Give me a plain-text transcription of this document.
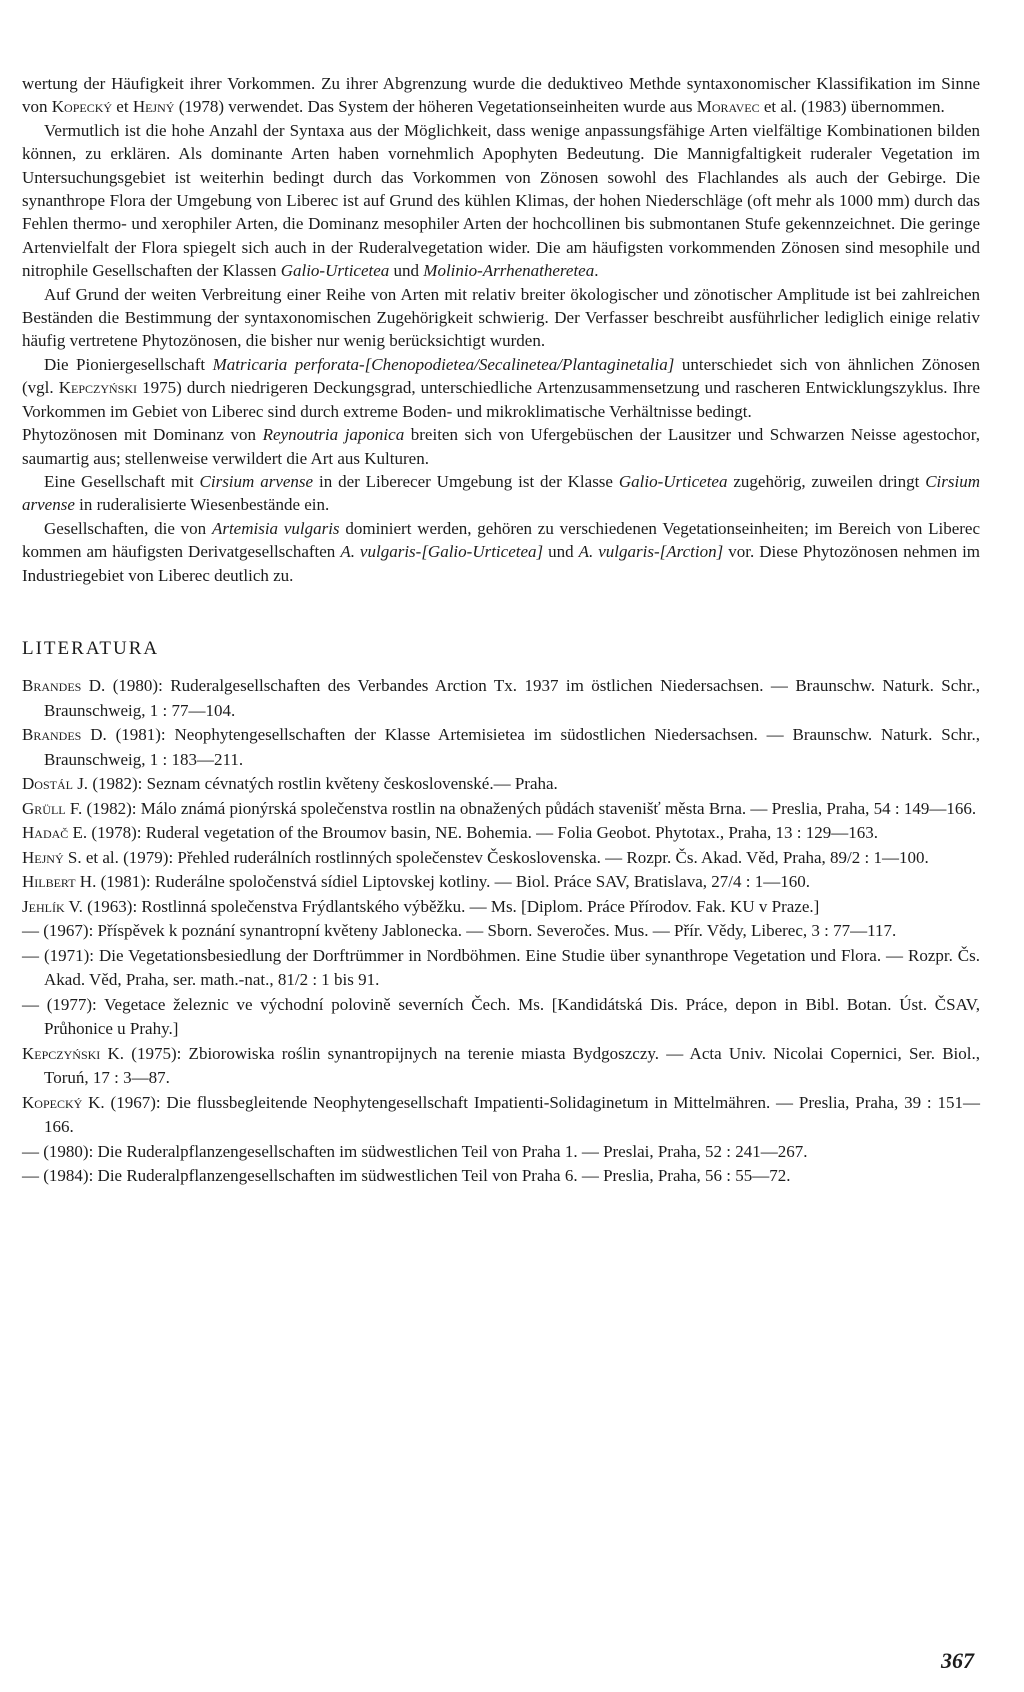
wertung der Häufigkeit ihrer Vorkommen. Zu ihrer Abgrenzung wurde die deduktiveo Methde syntaxonomischer Klassifikation im Sinne von Kopecký et Hejný (1978) verwendet. Das System der höheren Vegetationseinheiten wurde aus Moravec et al. (1983) übernommen.

Vermutlich ist die hohe Anzahl der Syntaxa aus der Möglichkeit, dass wenige anpassungsfähige Arten vielfältige Kombinationen bilden können, zu erklären. Als dominante Arten haben vornehmlich Apophyten Bedeutung. Die Mannigfaltigkeit ruderaler Vegetation im Untersuchungsgebiet ist weiterhin bedingt durch das Vorkommen von Zönosen sowohl des Flachlandes als auch der Gebirge. Die synanthrope Flora der Umgebung von Liberec ist auf Grund des kühlen Klimas, der hohen Niederschläge (oft mehr als 1000 mm) durch das Fehlen thermo- und xerophiler Arten, die Dominanz mesophiler Arten der hochcollinen bis submontanen Stufe gekennzeichnet. Die geringe Artenvielfalt der Flora spiegelt sich auch in der Ruderalvegetation wider. Die am häufigsten vorkommenden Zönosen sind mesophile und nitrophile Gesellschaften der Klassen Galio-Urticetea und Molinio-Arrhenatheretea.

Auf Grund der weiten Verbreitung einer Reihe von Arten mit relativ breiter ökologischer und zönotischer Amplitude ist bei zahlreichen Beständen die Bestimmung der syntaxonomischen Zugehörigkeit schwierig. Der Verfasser beschreibt ausführlicher lediglich einige relativ häufig vertretene Phytozönosen, die bisher nur wenig berücksichtigt wurden.

Die Pioniergesellschaft Matricaria perforata-[Chenopodietea/Secalinetea/Plantaginetalia] unterschiedet sich von ähnlichen Zönosen (vgl. Kepczyński 1975) durch niedrigeren Deckungsgrad, unterschiedliche Artenzusammensetzung und rascheren Entwicklungszyklus. Ihre Vorkommen im Gebiet von Liberec sind durch extreme Boden- und mikroklimatische Verhältnisse bedingt.

Phytozönosen mit Dominanz von Reynoutria japonica breiten sich von Ufergebüschen der Lausitzer und Schwarzen Neisse agestochor, saumartig aus; stellenweise verwildert die Art aus Kulturen.

Eine Gesellschaft mit Cirsium arvense in der Liberecer Umgebung ist der Klasse Galio-Urticetea zugehörig, zuweilen dringt Cirsium arvense in ruderalisierte Wiesenbestände ein.

Gesellschaften, die von Artemisia vulgaris dominiert werden, gehören zu verschiedenen Vegetationseinheiten; im Bereich von Liberec kommen am häufigsten Derivatgesellschaften A. vulgaris-[Galio-Urticetea] und A. vulgaris-[Arction] vor. Diese Phytozönosen nehmen im Industriegebiet von Liberec deutlich zu.

LITERATURA

Brandes D. (1980): Ruderalgesellschaften des Verbandes Arction Tx. 1937 im östlichen Niedersachsen. — Braunschw. Naturk. Schr., Braunschweig, 1 : 77—104.

Brandes D. (1981): Neophytengesellschaften der Klasse Artemisietea im südostlichen Niedersachsen. — Braunschw. Naturk. Schr., Braunschweig, 1 : 183—211.

Dostál J. (1982): Seznam cévnatých rostlin květeny československé.— Praha.

Grüll F. (1982): Málo známá pionýrská společenstva rostlin na obnažených půdách stavenišť města Brna. — Preslia, Praha, 54 : 149—166.

Hadač E. (1978): Ruderal vegetation of the Broumov basin, NE. Bohemia. — Folia Geobot. Phytotax., Praha, 13 : 129—163.

Hejný S. et al. (1979): Přehled ruderálních rostlinných společenstev Československa. — Rozpr. Čs. Akad. Věd, Praha, 89/2 : 1—100.

Hilbert H. (1981): Ruderálne spoločenstvá sídiel Liptovskej kotliny. — Biol. Práce SAV, Bratislava, 27/4 : 1—160.

Jehlík V. (1963): Rostlinná společenstva Frýdlantského výběžku. — Ms. [Diplom. Práce Přírodov. Fak. KU v Praze.]

— (1967): Příspěvek k poznání synantropní květeny Jablonecka. — Sborn. Severočes. Mus. — Přír. Vědy, Liberec, 3 : 77—117.

— (1971): Die Vegetationsbesiedlung der Dorftrümmer in Nordböhmen. Eine Studie über synanthrope Vegetation und Flora. — Rozpr. Čs. Akad. Věd, Praha, ser. math.-nat., 81/2 : 1 bis 91.

— (1977): Vegetace železnic ve východní polovině severních Čech. Ms. [Kandidátská Dis. Práce, depon in Bibl. Botan. Úst. ČSAV, Průhonice u Prahy.]

Kepczyński K. (1975): Zbiorowiska roślin synantropijnych na terenie miasta Bydgoszczy. — Acta Univ. Nicolai Copernici, Ser. Biol., Toruń, 17 : 3—87.

Kopecký K. (1967): Die flussbegleitende Neophytengesellschaft Impatienti-Solidaginetum in Mittelmähren. — Preslia, Praha, 39 : 151—166.

— (1980): Die Ruderalpflanzengesellschaften im südwestlichen Teil von Praha 1. — Preslai, Praha, 52 : 241—267.

— (1984): Die Ruderalpflanzengesellschaften im südwestlichen Teil von Praha 6. — Preslia, Praha, 56 : 55—72.

367
